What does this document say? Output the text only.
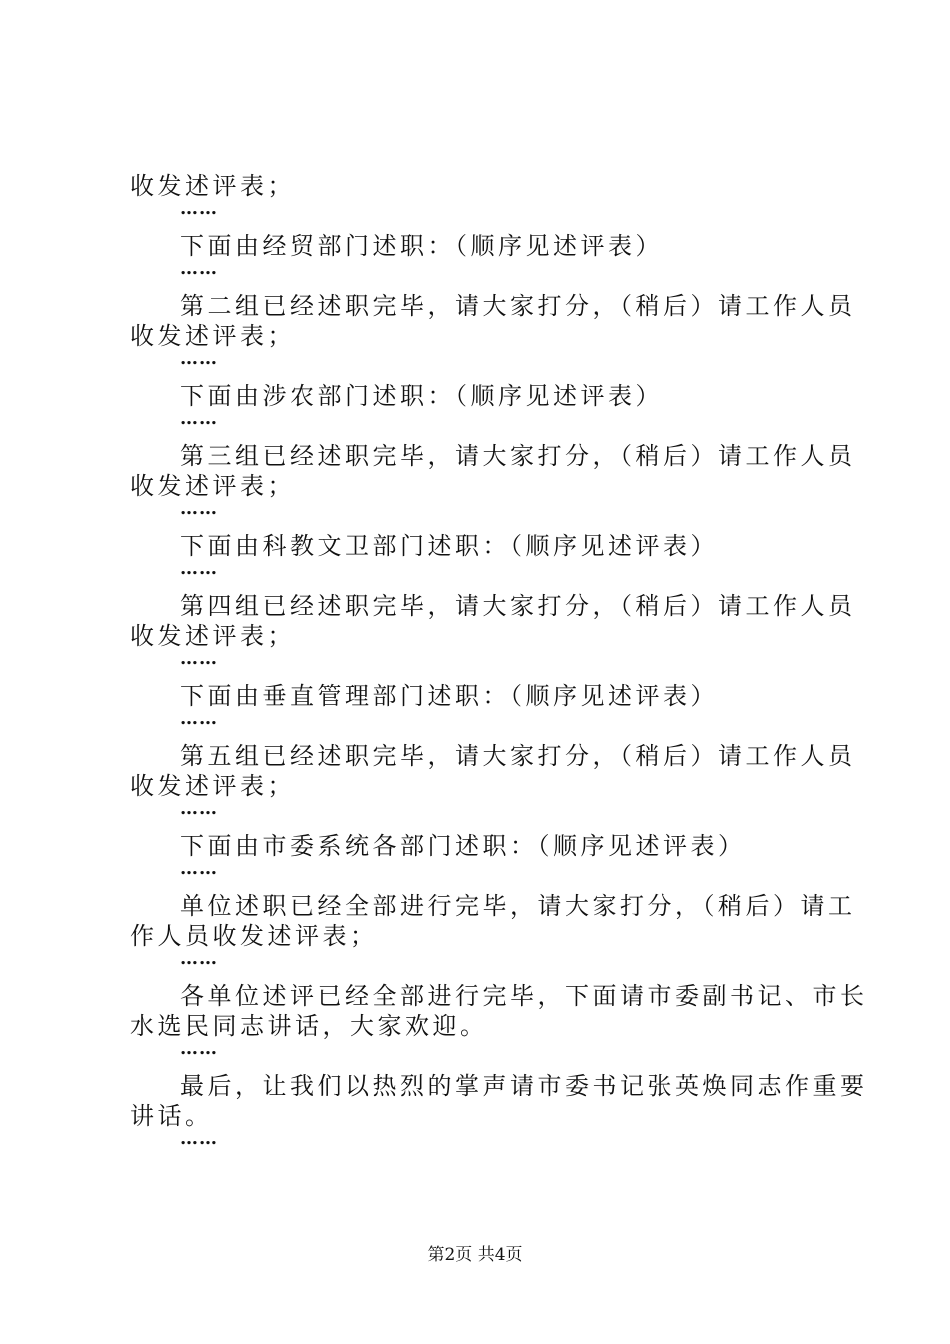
收发述评表；

……

下面由经贸部门述职：（顺序见述评表）

……

第二组已经述职完毕，请大家打分，（稍后）请工作人员

收发述评表；

……

下面由涉农部门述职：（顺序见述评表）

……

第三组已经述职完毕，请大家打分，（稍后）请工作人员

收发述评表；

……

下面由科教文卫部门述职：（顺序见述评表）

……

第四组已经述职完毕，请大家打分，（稍后）请工作人员

收发述评表；

……

下面由垂直管理部门述职：（顺序见述评表）

……

第五组已经述职完毕，请大家打分，（稍后）请工作人员

收发述评表；

……

下面由市委系统各部门述职：（顺序见述评表）

……

单位述职已经全部进行完毕，请大家打分，（稍后）请工

作人员收发述评表；

……

各单位述评已经全部进行完毕，下面请市委副书记、市长

水选民同志讲话，大家欢迎。

……

最后，让我们以热烈的掌声请市委书记张英焕同志作重要

讲话。

……
第2页 共4页
